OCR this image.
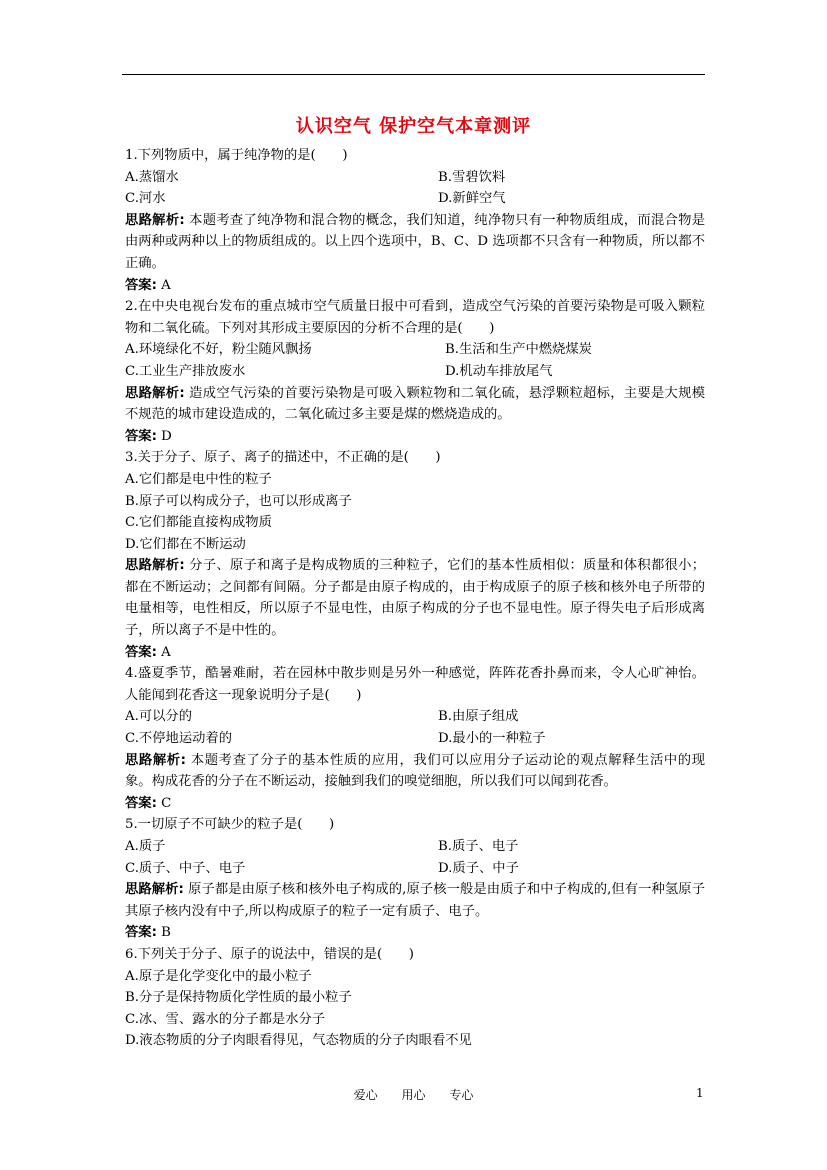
认识空气 保护空气本章测评
1.下列物质中，属于纯净物的是(　　)
A.蒸馏水	B.雪碧饮料
C.河水	D.新鲜空气
思路解析: 本题考查了纯净物和混合物的概念，我们知道，纯净物只有一种物质组成，而混合物是由两种或两种以上的物质组成的。以上四个选项中，B、C、D 选项都不只含有一种物质，所以都不正确。
答案: A
2.在中央电视台发布的重点城市空气质量日报中可看到，造成空气污染的首要污染物是可吸入颗粒物和二氧化硫。下列对其形成主要原因的分析不合理的是(　　)
A.环境绿化不好，粉尘随风飘扬	B.生活和生产中燃烧煤炭
C.工业生产排放废水	D.机动车排放尾气
思路解析: 造成空气污染的首要污染物是可吸入颗粒物和二氧化硫，悬浮颗粒超标，主要是大规模不规范的城市建设造成的，二氧化硫过多主要是煤的燃烧造成的。
答案: D
3.关于分子、原子、离子的描述中，不正确的是(　　)
A.它们都是电中性的粒子
B.原子可以构成分子，也可以形成离子
C.它们都能直接构成物质
D.它们都在不断运动
思路解析: 分子、原子和离子是构成物质的三种粒子，它们的基本性质相似：质量和体积都很小；都在不断运动；之间都有间隔。分子都是由原子构成的，由于构成原子的原子核和核外电子所带的电量相等，电性相反，所以原子不显电性，由原子构成的分子也不显电性。原子得失电子后形成离子，所以离子不是中性的。
答案: A
4.盛夏季节，酷暑难耐，若在园林中散步则是另外一种感觉，阵阵花香扑鼻而来，令人心旷神怡。人能闻到花香这一现象说明分子是(　　)
A.可以分的	B.由原子组成
C.不停地运动着的	D.最小的一种粒子
思路解析: 本题考查了分子的基本性质的应用，我们可以应用分子运动论的观点解释生活中的现象。构成花香的分子在不断运动，接触到我们的嗅觉细胞，所以我们可以闻到花香。
答案: C
5.一切原子不可缺少的粒子是(　　)
A.质子	B.质子、电子
C.质子、中子、电子	D.质子、中子
思路解析: 原子都是由原子核和核外电子构成的,原子核一般是由质子和中子构成的,但有一种氢原子其原子核内没有中子,所以构成原子的粒子一定有质子、电子。
答案: B
6.下列关于分子、原子的说法中，错误的是(　　)
A.原子是化学变化中的最小粒子
B.分子是保持物质化学性质的最小粒子
C.冰、雪、露水的分子都是水分子
D.液态物质的分子肉眼看得见，气态物质的分子肉眼看不见
爱心 用心 专心	1
